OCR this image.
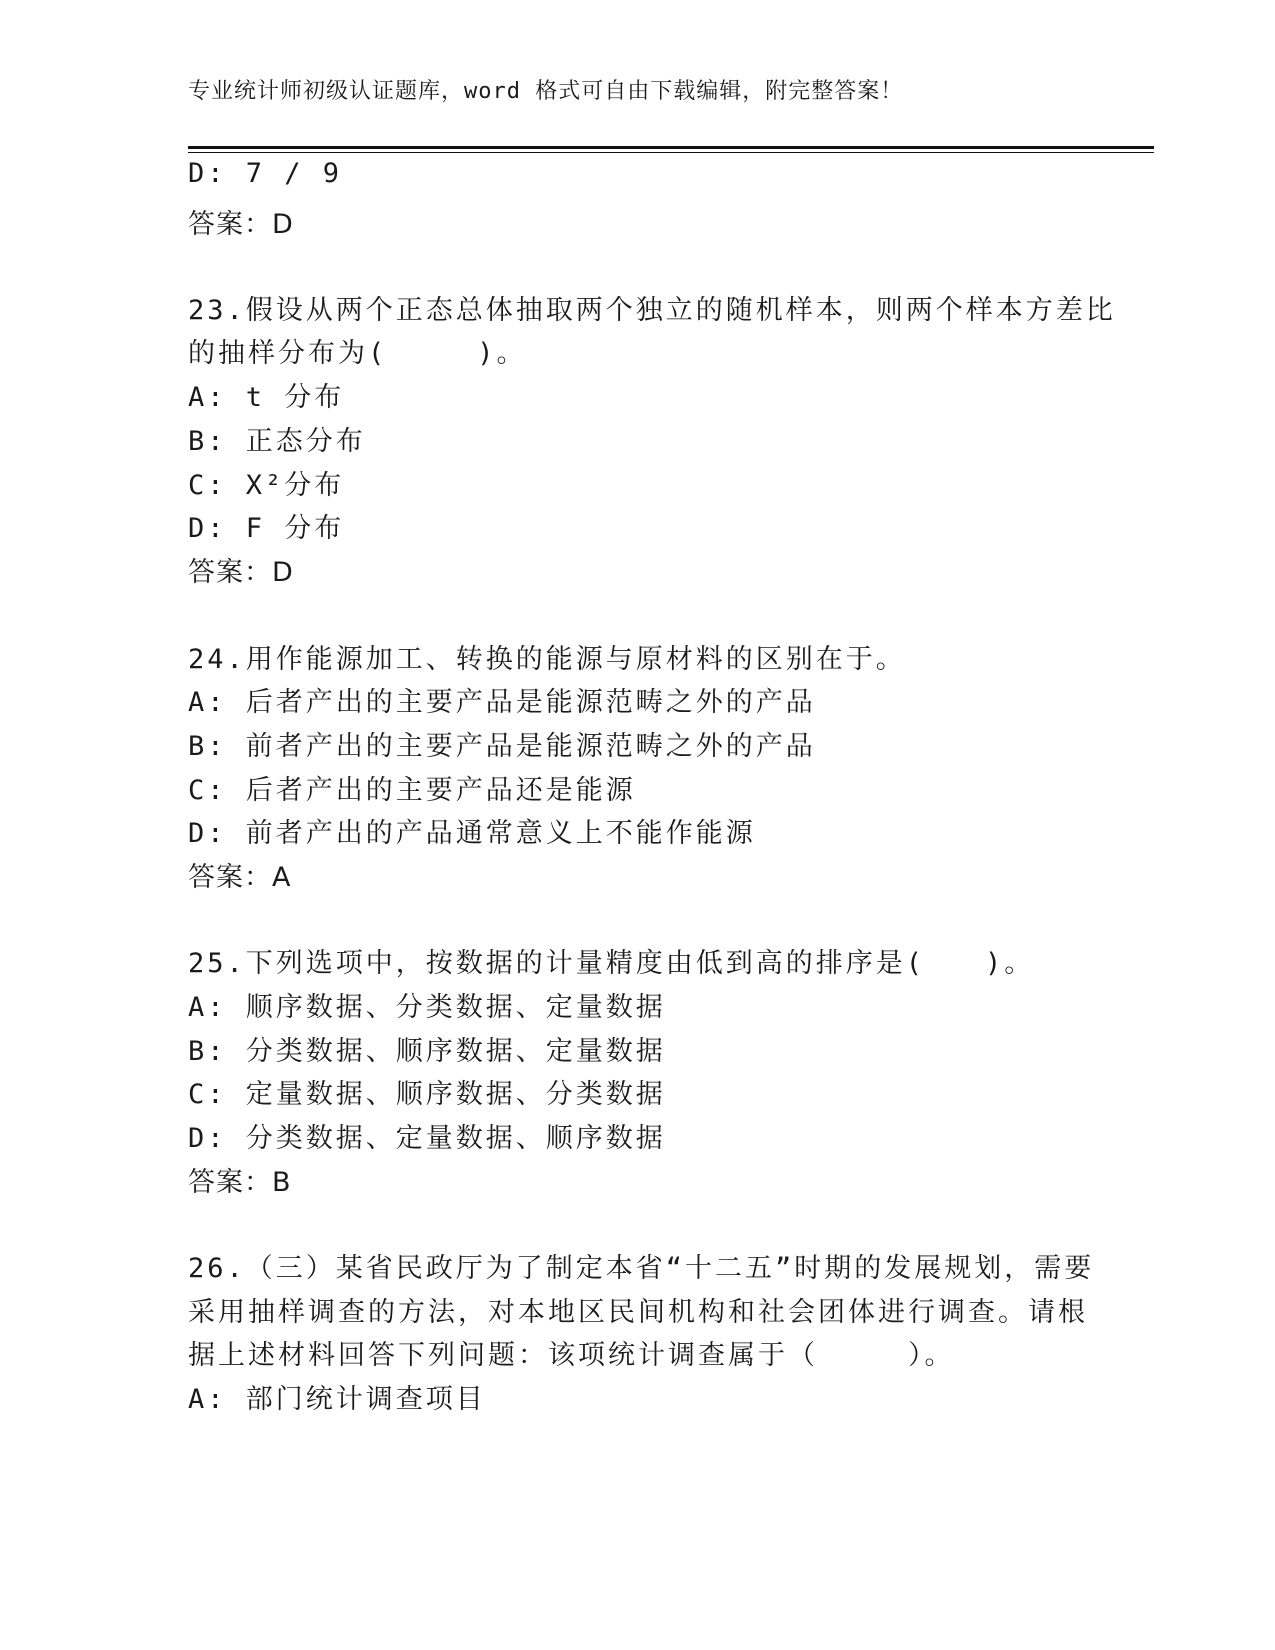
专业统计师初级认证题库，word 格式可自由下载编辑，附完整答案！
D: 7 / 9
答案：D
23.假设从两个正态总体抽取两个独立的随机样本，则两个样本方差比
的抽样分布为(　　　)。
A: t 分布
B: 正态分布
C: X²分布
D: F 分布
答案：D
24.用作能源加工、转换的能源与原材料的区别在于。
A: 后者产出的主要产品是能源范畴之外的产品
B: 前者产出的主要产品是能源范畴之外的产品
C: 后者产出的主要产品还是能源
D: 前者产出的产品通常意义上不能作能源
答案：A
25.下列选项中，按数据的计量精度由低到高的排序是(　　)。
A: 顺序数据、分类数据、定量数据
B: 分类数据、顺序数据、定量数据
C: 定量数据、顺序数据、分类数据
D: 分类数据、定量数据、顺序数据
答案：B
26.（三）某省民政厅为了制定本省“十二五”时期的发展规划，需要
采用抽样调查的方法，对本地区民间机构和社会团体进行调查。请根
据上述材料回答下列问题：该项统计调查属于（　　　）。
A: 部门统计调查项目
